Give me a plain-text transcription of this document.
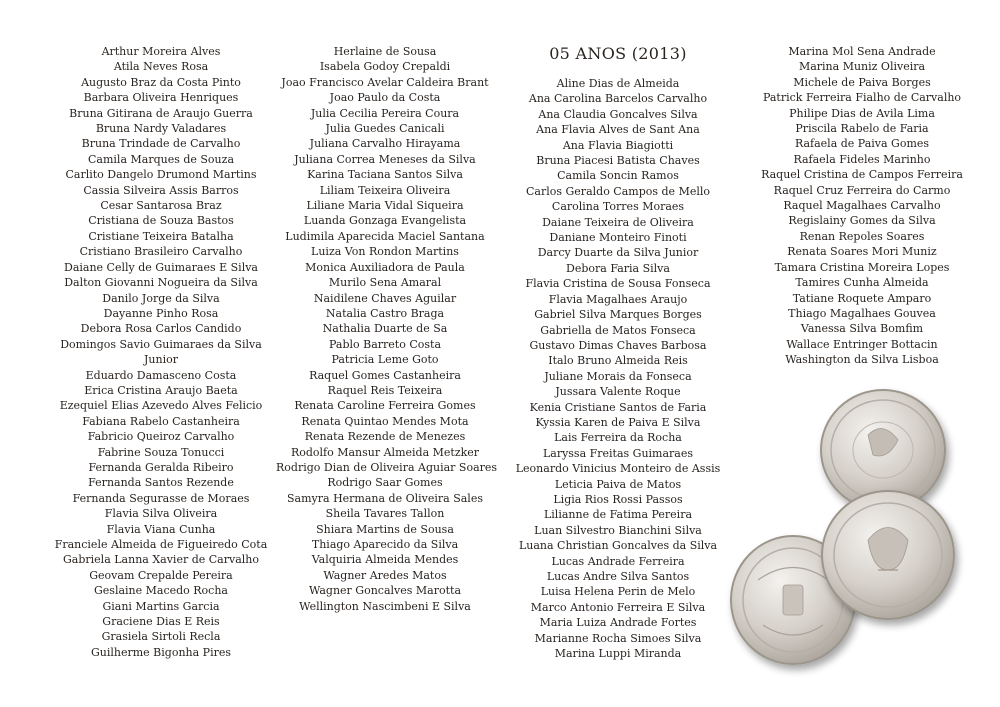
Arthur Moreira Alves
Atila Neves Rosa
Augusto Braz da Costa Pinto
Barbara Oliveira Henriques
Bruna Gitirana de Araujo Guerra
Bruna Nardy Valadares
Bruna Trindade de Carvalho
Camila Marques de Souza
Carlito Dangelo Drumond Martins
Cassia Silveira Assis Barros
Cesar Santarosa Braz
Cristiana de Souza Bastos
Cristiane Teixeira Batalha
Cristiano Brasileiro Carvalho
Daiane Celly de Guimaraes E Silva
Dalton Giovanni Nogueira da Silva
Danilo Jorge da Silva
Dayanne Pinho Rosa
Debora Rosa Carlos Candido
Domingos Savio Guimaraes da Silva
Junior
Eduardo Damasceno Costa
Erica Cristina Araujo Baeta
Ezequiel Elias Azevedo Alves Felicio
Fabiana Rabelo Castanheira
Fabricio Queiroz Carvalho
Fabrine Souza Tonucci
Fernanda Geralda Ribeiro
Fernanda Santos Rezende
Fernanda Segurasse de Moraes
Flavia Silva Oliveira
Flavia Viana Cunha
Franciele Almeida de Figueiredo Cota
Gabriela Lanna Xavier de Carvalho
Geovam Crepalde Pereira
Geslaine Macedo Rocha
Giani Martins Garcia
Graciene Dias E Reis
Grasiela Sirtoli Recla
Guilherme Bigonha Pires
Herlaine de Sousa
Isabela Godoy Crepaldi
Joao Francisco Avelar Caldeira Brant
Joao Paulo da Costa
Julia Cecilia Pereira Coura
Julia Guedes Canicali
Juliana Carvalho Hirayama
Juliana Correa Meneses da Silva
Karina Taciana Santos Silva
Liliam Teixeira Oliveira
Liliane Maria Vidal Siqueira
Luanda Gonzaga Evangelista
Ludimila Aparecida Maciel Santana
Luiza Von Rondon Martins
Monica Auxiliadora de Paula
Murilo Sena Amaral
Naidilene Chaves Aguilar
Natalia Castro Braga
Nathalia Duarte de Sa
Pablo Barreto Costa
Patricia Leme Goto
Raquel Gomes Castanheira
Raquel Reis Teixeira
Renata Caroline Ferreira Gomes
Renata Quintao Mendes Mota
Renata Rezende de Menezes
Rodolfo Mansur Almeida Metzker
Rodrigo Dian de Oliveira Aguiar Soares
Rodrigo Saar Gomes
Samyra Hermana de Oliveira Sales
Sheila Tavares Tallon
Shiara Martins de Sousa
Thiago Aparecido da Silva
Valquiria Almeida Mendes
Wagner Aredes Matos
Wagner Goncalves Marotta
Wellington Nascimbeni E Silva
05 ANOS (2013)
Aline Dias de Almeida
Ana Carolina Barcelos Carvalho
Ana Claudia Goncalves Silva
Ana Flavia Alves de Sant Ana
Ana Flavia Biagiotti
Bruna Piacesi Batista Chaves
Camila Soncin Ramos
Carlos Geraldo Campos de Mello
Carolina Torres Moraes
Daiane Teixeira de Oliveira
Daniane Monteiro Finoti
Darcy Duarte da Silva Junior
Debora Faria Silva
Flavia Cristina de Sousa Fonseca
Flavia Magalhaes Araujo
Gabriel Silva Marques Borges
Gabriella de Matos Fonseca
Gustavo Dimas Chaves Barbosa
Italo Bruno Almeida Reis
Juliane Morais da Fonseca
Jussara Valente Roque
Kenia Cristiane Santos de Faria
Kyssia Karen de Paiva E Silva
Lais Ferreira da Rocha
Laryssa Freitas Guimaraes
Leonardo Vinicius Monteiro de Assis
Leticia Paiva de Matos
Ligia Rios Rossi Passos
Lilianne de Fatima Pereira
Luan Silvestro Bianchini Silva
Luana Christian Goncalves da Silva
Lucas Andrade Ferreira
Lucas Andre Silva Santos
Luisa Helena Perin de Melo
Marco Antonio Ferreira E Silva
Maria Luiza Andrade Fortes
Marianne Rocha Simoes Silva
Marina Luppi Miranda
Marina Mol Sena Andrade
Marina Muniz Oliveira
Michele de Paiva Borges
Patrick Ferreira Fialho de Carvalho
Philipe Dias de Avila Lima
Priscila Rabelo de Faria
Rafaela de Paiva Gomes
Rafaela Fideles Marinho
Raquel Cristina de Campos Ferreira
Raquel Cruz Ferreira do Carmo
Raquel Magalhaes Carvalho
Regislainy Gomes da Silva
Renan Repoles Soares
Renata Soares Mori Muniz
Tamara Cristina Moreira Lopes
Tamires Cunha Almeida
Tatiane Roquete Amparo
Thiago Magalhaes Gouvea
Vanessa Silva Bomfim
Wallace Entringer Bottacin
Washington da Silva Lisboa
